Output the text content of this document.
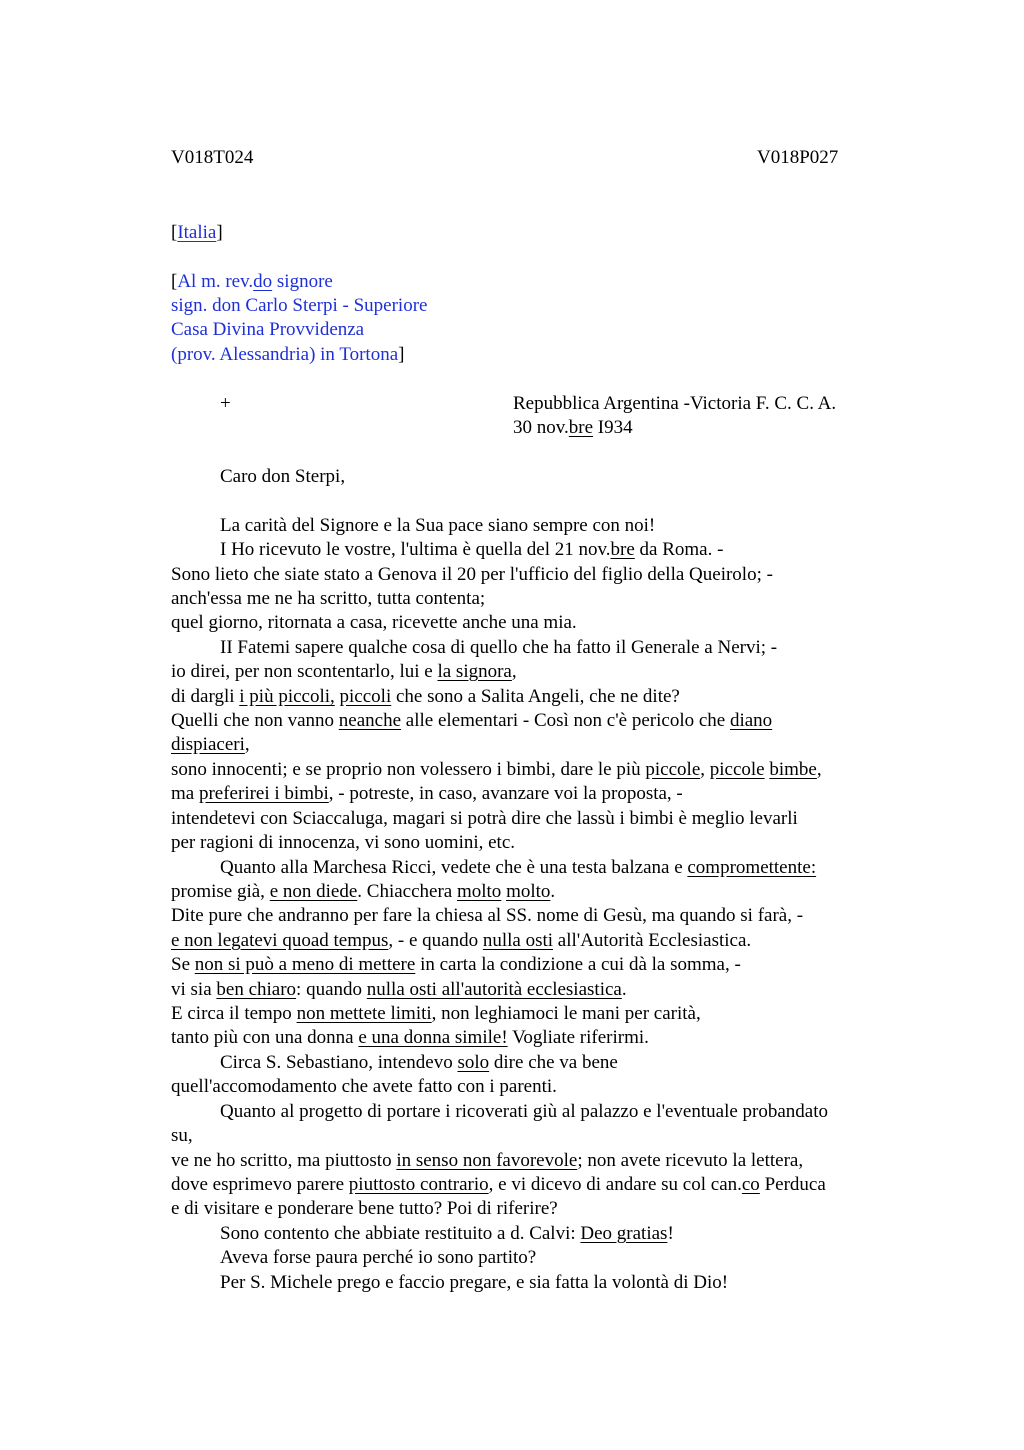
V018T024	V018P027
[Italia]
[Al m. rev.do signore
sign. don Carlo Sterpi - Superiore
Casa Divina Provvidenza
(prov. Alessandria) in Tortona]
+	Repubblica Argentina -Victoria F. C. C. A.
30 nov.bre I934
Caro don Sterpi,
La carità del Signore e la Sua pace siano sempre con noi!
I Ho ricevuto le vostre, l'ultima è quella del 21 nov.bre da Roma. -
Sono lieto che siate stato a Genova il 20 per l'ufficio del figlio della Queirolo; -
anch'essa me ne ha scritto, tutta contenta;
quel giorno, ritornata a casa, ricevette anche una mia.
II Fatemi sapere qualche cosa di quello che ha fatto il Generale a Nervi; -
io direi, per non scontentarlo, lui e la signora,
di dargli i più piccoli, piccoli che sono a Salita Angeli, che ne dite?
Quelli che non vanno neanche alle elementari - Così non c'è pericolo che diano
dispiaceri,
sono innocenti; e se proprio non volessero i bimbi, dare le più piccole, piccole bimbe,
ma preferirei i bimbi, - potreste, in caso, avanzare voi la proposta, -
intendetevi con Sciaccaluga, magari si potrà dire che lassù i bimbi è meglio levarli
per ragioni di innocenza, vi sono uomini, etc.
Quanto alla Marchesa Ricci, vedete che è una testa balzana e compromettente:
promise già, e non diede. Chiacchera molto molto.
Dite pure che andranno per fare la chiesa al SS. nome di Gesù, ma quando si farà, -
e non legatevi quoad tempus, - e quando nulla osti all'Autorità Ecclesiastica.
Se non si può a meno di mettere in carta la condizione a cui dà la somma, -
vi sia ben chiaro: quando nulla osti all'autorità ecclesiastica.
E circa il tempo non mettete limiti, non leghiamoci le mani per carità,
tanto più con una donna e una donna simile! Vogliate riferirmi.
Circa S. Sebastiano, intendevo solo dire che va bene
quell'accomodamento che avete fatto con i parenti.
Quanto al progetto di portare i ricoverati giù al palazzo e l'eventuale probandato
su,
ve ne ho scritto, ma piuttosto in senso non favorevole; non avete ricevuto la lettera,
dove esprimevo parere piuttosto contrario, e vi dicevo di andare su col can.co Perduca
e di visitare e ponderare bene tutto? Poi di riferire?
Sono contento che abbiate restituito a d. Calvi: Deo gratias!
Aveva forse paura perché io sono partito?
Per S. Michele prego e faccio pregare, e sia fatta la volontà di Dio!
